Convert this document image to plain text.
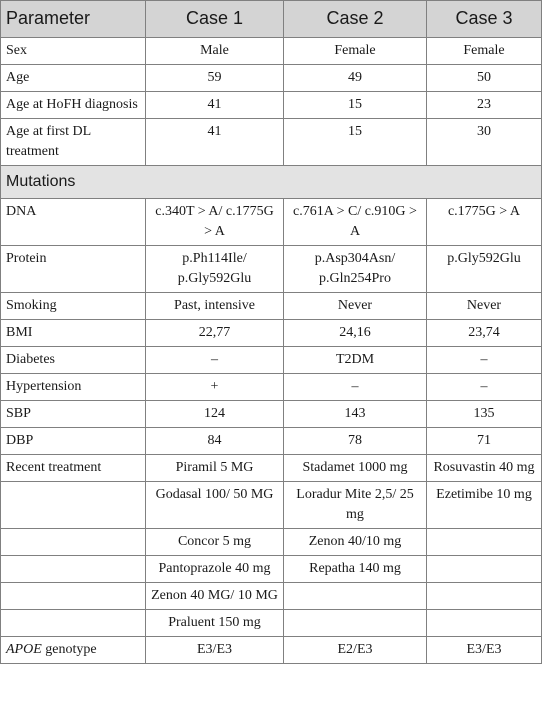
Parameter	Case 1	Case 2	Case 3
Sex	Male	Female	Female
Age	59	49	50
Age at HoFH diagnosis	41	15	23
Age at first DL treatment	41	15	30
Mutations			
DNA	c.340T > A/ c.1775G > A	c.761A > C/ c.910G > A	c.1775G > A
Protein	p.Ph114Ile/ p.Gly592Glu	p.Asp304Asn/ p.Gln254Pro	p.Gly592Glu
Smoking	Past, intensive	Never	Never
BMI	22,77	24,16	23,74
Diabetes	–	T2DM	–
Hypertension	+	–	–
SBP	124	143	135
DBP	84	78	71
Recent treatment	Piramil 5 MG	Stadamet 1000 mg	Rosuvastin 40 mg
	Godasal 100/ 50 MG	Loradur Mite 2,5/ 25 mg	Ezetimibe 10 mg
	Concor 5 mg	Zenon 40/10 mg	
	Pantoprazole 40 mg	Repatha 140 mg	
	Zenon 40 MG/ 10 MG		
	Praluent 150 mg		
APOE genotype	E3/E3	E2/E3	E3/E3
